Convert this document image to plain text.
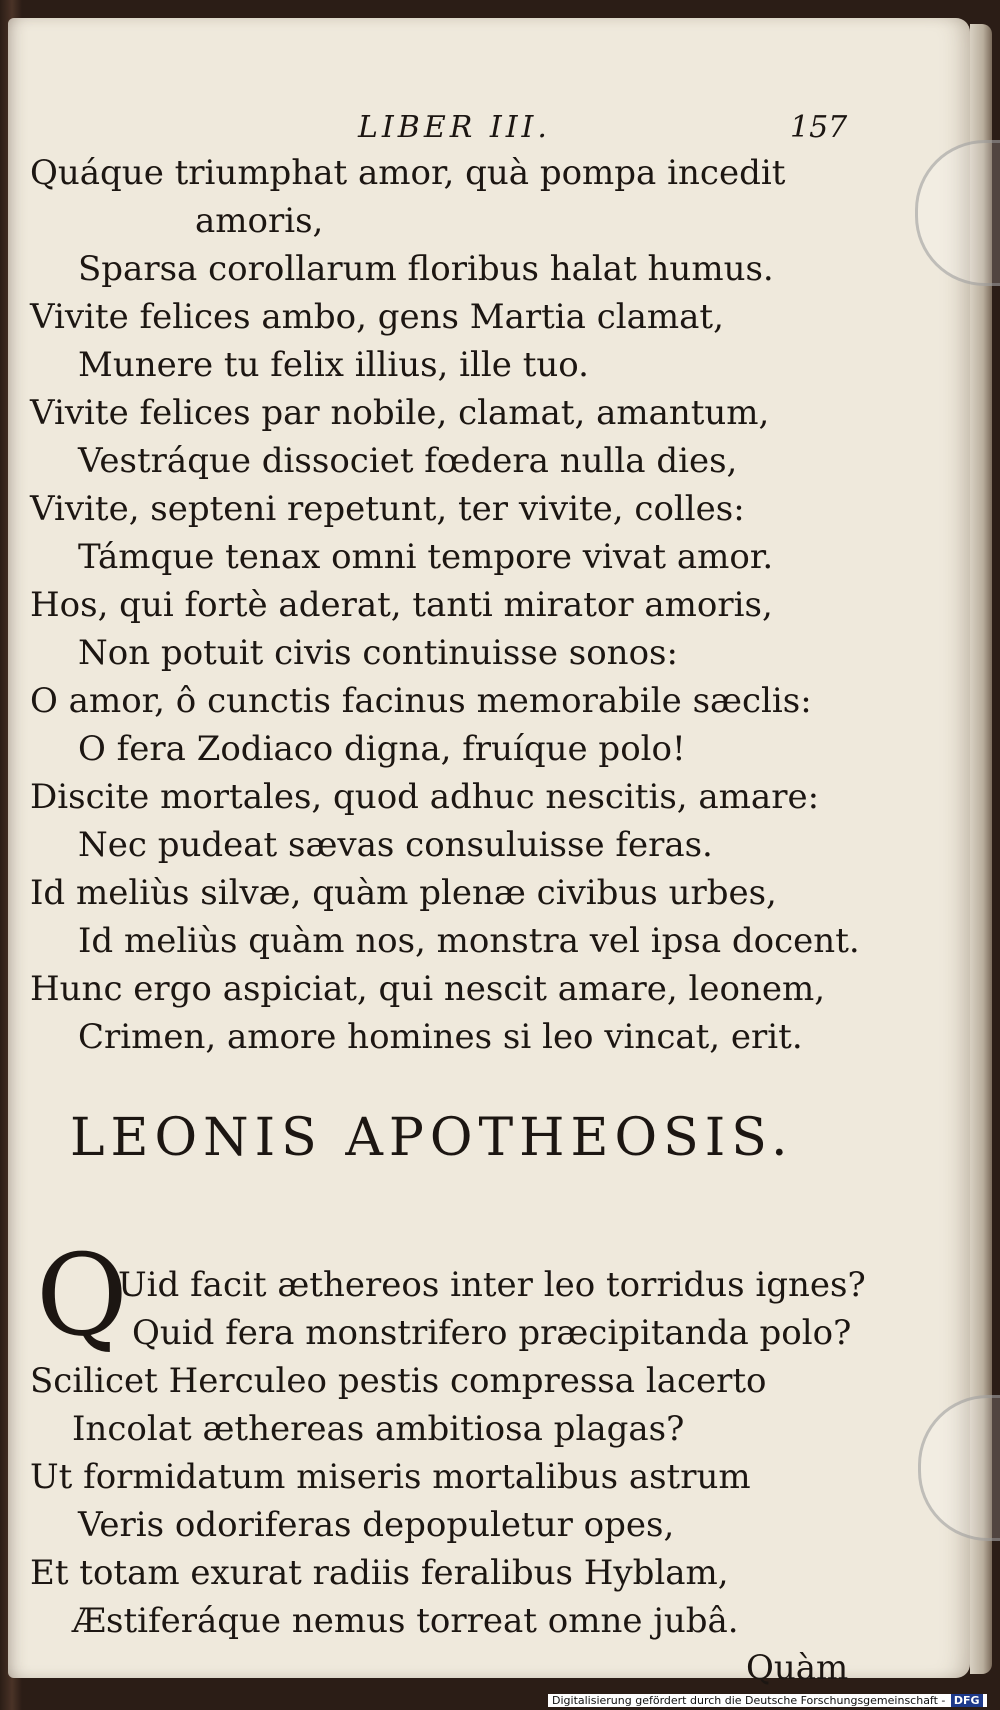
LIBER III.	157
Quáque triumphat amor, quà pompa incedit
amoris,
Sparsa corollarum floribus halat humus.
Vivite felices ambo, gens Martia clamat,
Munere tu felix illius, ille tuo.
Vivite felices par nobile, clamat, amantum,
Vestráque dissociet fœdera nulla dies,
Vivite, septeni repetunt, ter vivite, colles:
Támque tenax omni tempore vivat amor.
Hos, qui fortè aderat, tanti mirator amoris,
Non potuit civis continuisse sonos:
O amor, ô cunctis facinus memorabile sæclis:
O fera Zodiaco digna, fruíque polo!
Discite mortales, quod adhuc nescitis, amare:
Nec pudeat sævas consuluisse feras.
Id meliùs silvæ, quàm plenæ civibus urbes,
Id meliùs quàm nos, monstra vel ipsa docent.
Hunc ergo aspiciat, qui nescit amare, leonem,
Crimen, amore homines si leo vincat, erit.
LEONIS APOTHEOSIS.
Q
Uid facit æthereos inter leo torridus ignes?
Quid fera monstrifero præcipitanda polo?
Scilicet Herculeo pestis compressa lacerto
Incolat æthereas ambitiosa plagas?
Ut formidatum miseris mortalibus astrum
Veris odoriferas depopuletur opes,
Et totam exurat radiis feralibus Hyblam,
Æstiferáque nemus torreat omne jubâ.
Quàm
Digitalisierung gefördert durch die Deutsche Forschungsgemeinschaft - DFG
